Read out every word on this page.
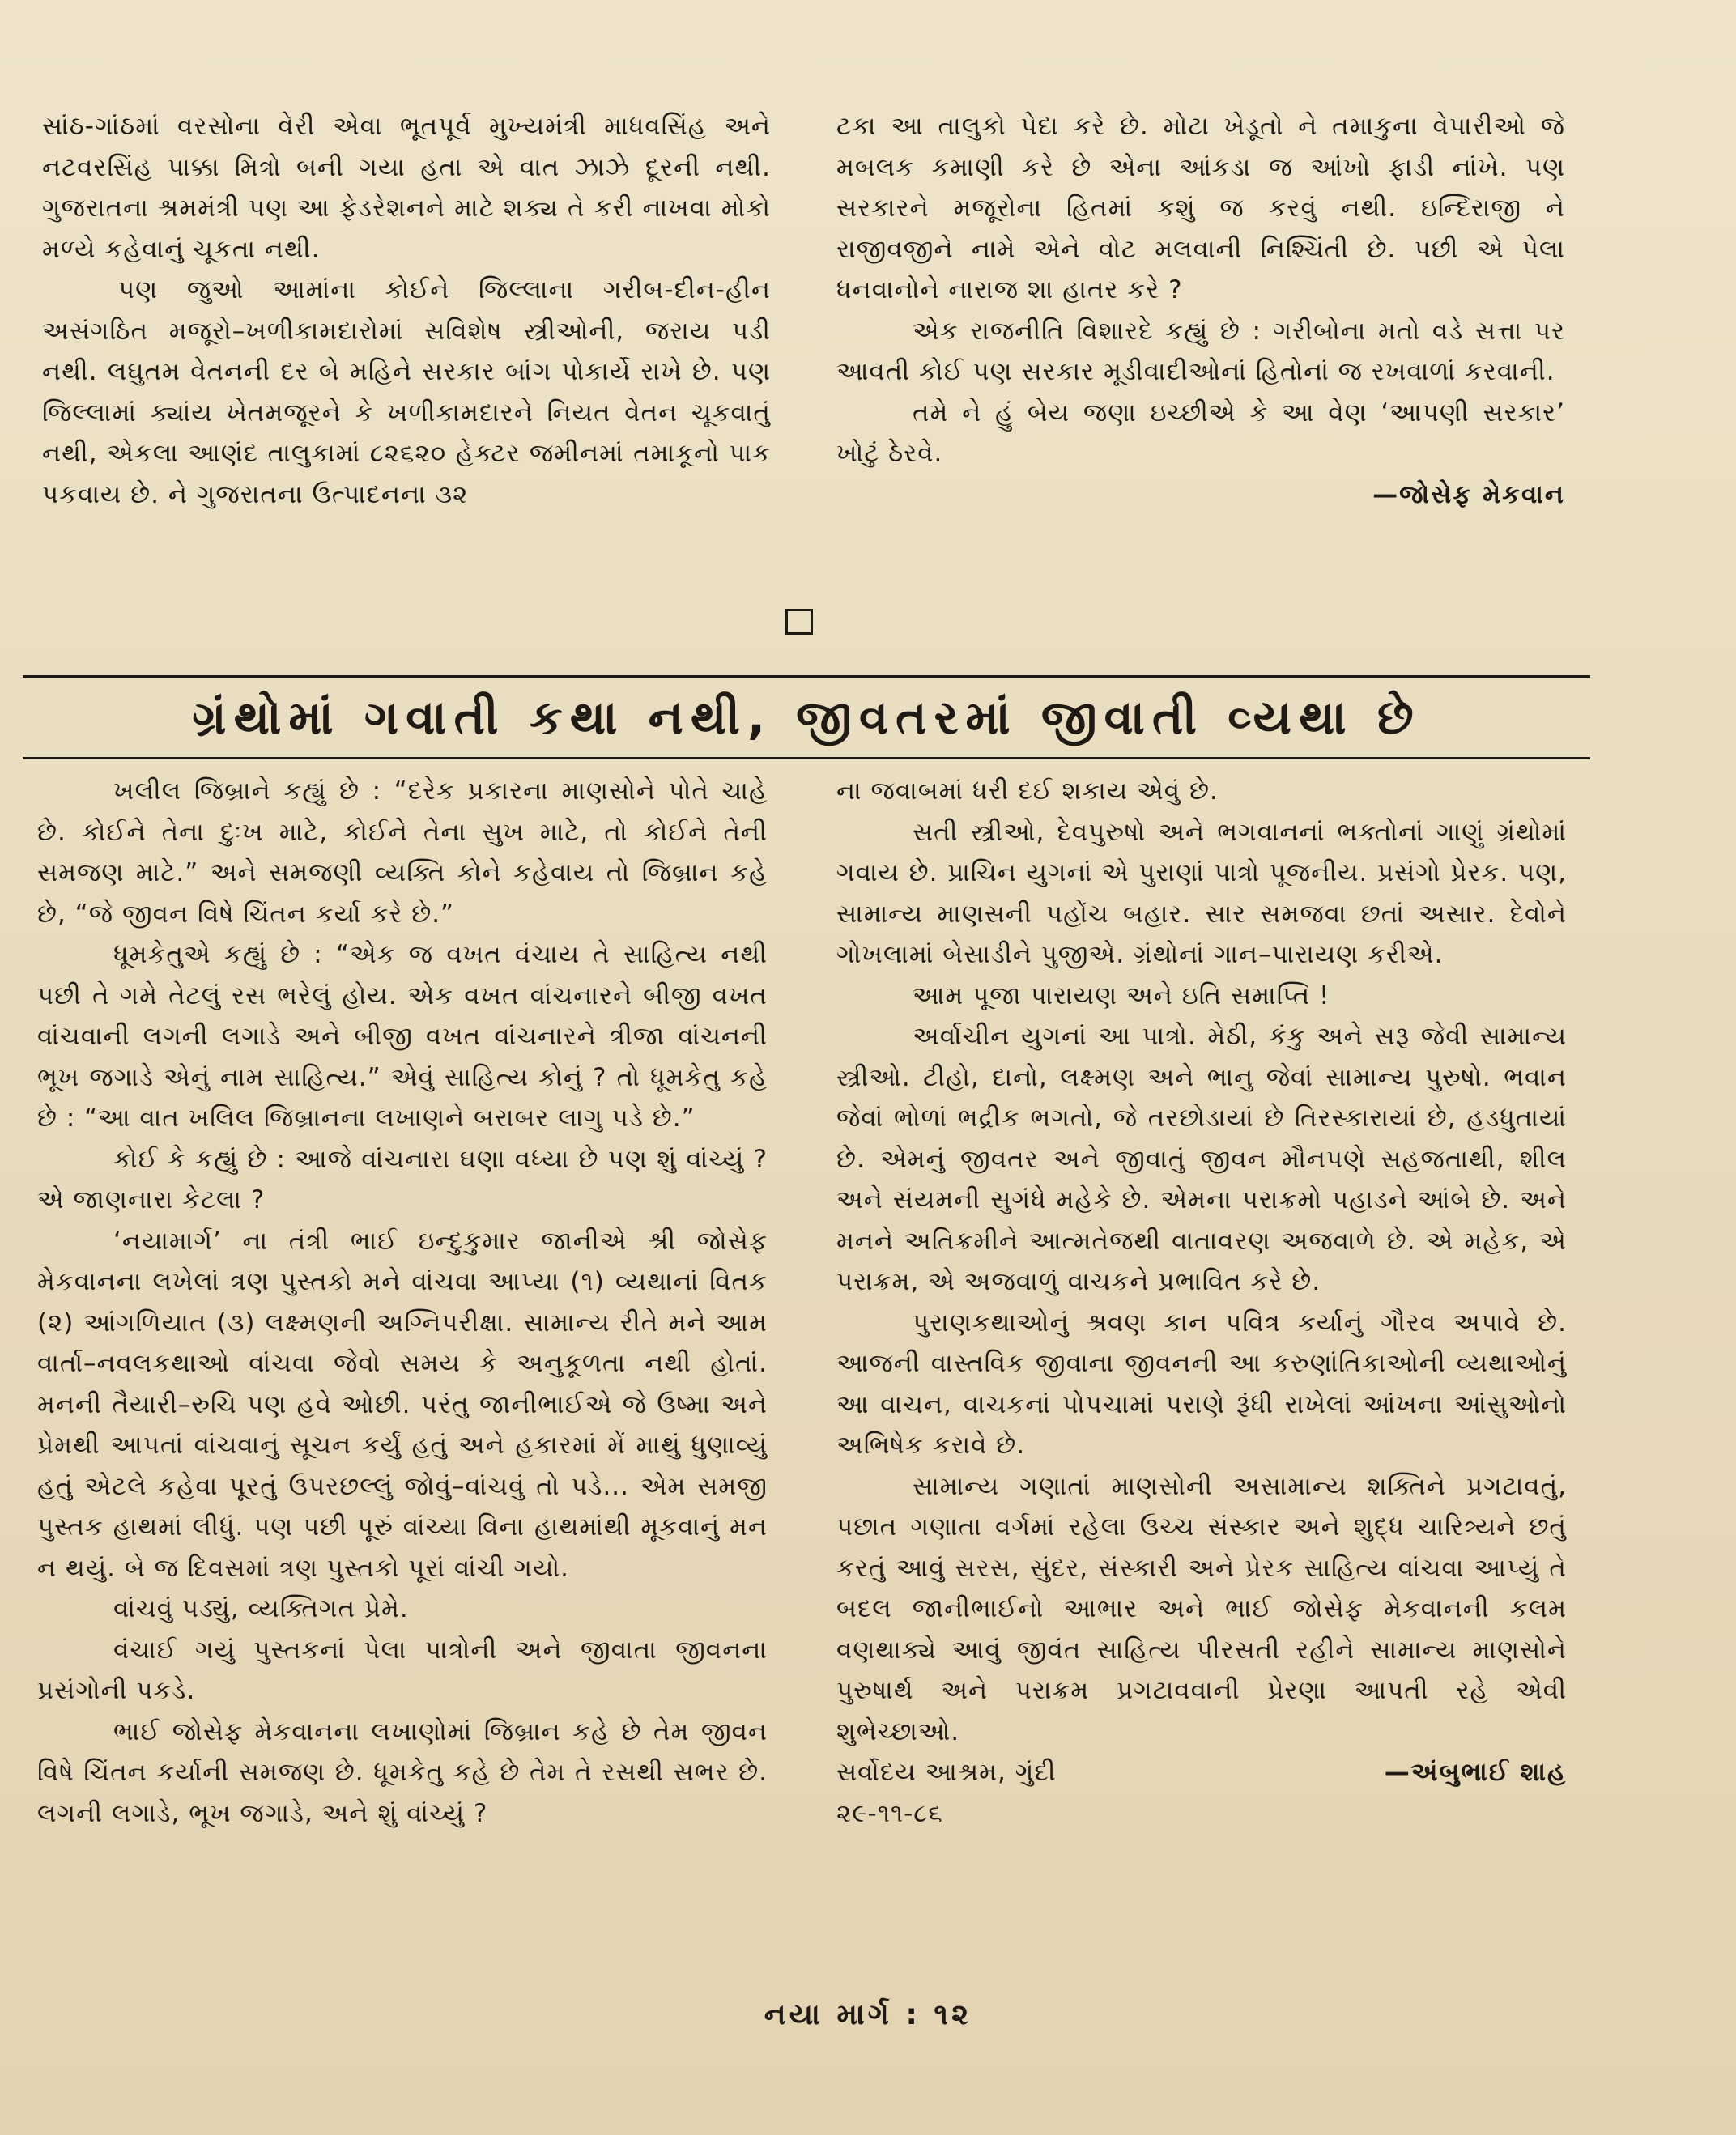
સાંઠ-ગાંઠમાં વરસોના વેરી એવા ભૂતપૂર્વ મુખ્યમંત્રી માધવસિંહ અને નટવરસિંહ પાક્કા મિત્રો બની ગયા હતા એ વાત ઝાઝે દૂરની નથી. ગુજરાતના શ્રમમંત્રી પણ આ ફેડરેશનને માટે શક્ય તે કરી નાખવા મોકો મળ્યે કહેવાનું ચૂકતા નથી.

પણ જુઓ આમાંના કોઈને જિલ્લાના ગરીબ-દીન-હીન અસંગઠિત મજૂરો–ખળીકામદારોમાં સવિશેષ સ્ત્રીઓની, જરાય પડી નથી. લઘુતમ વેતનની દર બે મહિને સરકાર બાંગ પોકાર્યે રાખે છે. પણ જિલ્લામાં ક્યાંય ખેતમજૂરને કે ખળીકામદારને નિયત વેતન ચૂકવાતું નથી, એકલા આણંદ તાલુકામાં ૮૨૬૨૦ હેક્ટર જમીનમાં તમાકૂનો પાક પકવાય છે. ને ગુજરાતના ઉત્પાદનના ૩૨

ટકા આ તાલુકો પેદા કરે છે. મોટા ખેડૂતો ને તમાકુના વેપારીઓ જે મબલક કમાણી કરે છે એના આંકડા જ આંખો ફાડી નાંખે. પણ સરકારને મજૂરોના હિતમાં કશું જ કરવું નથી. ઇન્દિરાજી ને રાજીવજીને નામે એને વોટ મલવાની નિશ્ચિંતી છે. પછી એ પેલા ધનવાનોને નારાજ શા હાતર કરે ?

એક રાજનીતિ વિશારદે કહ્યું છે : ગરીબોના મતો વડે સત્તા પર આવતી કોઈ પણ સરકાર મૂડીવાદીઓનાં હિતોનાં જ રખવાળાં કરવાની.

તમે ને હું બેય જણા ઇચ્છીએ કે આ વેણ ‘આપણી સરકાર’ ખોટું ઠેરવે.

—જોસેફ મેકવાન

ગ્રંથોમાં ગવાતી કથા નથી, જીવતરમાં જીવાતી વ્યથા છે

ખલીલ જિબ્રાને કહ્યું છે : “દરેક પ્રકારના માણસોને પોતે ચાહે છે. કોઈને તેના દુઃખ માટે, કોઈને તેના સુખ માટે, તો કોઈને તેની સમજણ માટે.” અને સમજણી વ્યક્તિ કોને કહેવાય તો જિબ્રાન કહે છે, “જે જીવન વિષે ચિંતન કર્યા કરે છે.”

ધૂમકેતુએ કહ્યું છે : “એક જ વખત વંચાય તે સાહિત્ય નથી પછી તે ગમે તેટલું રસ ભરેલું હોય. એક વખત વાંચનારને બીજી વખત વાંચવાની લગની લગાડે અને બીજી વખત વાંચનારને ત્રીજા વાંચનની ભૂખ જગાડે એનું નામ સાહિત્ય.” એવું સાહિત્ય કોનું ? તો ધૂમકેતુ કહે છે : “આ વાત ખલિલ જિબ્રાનના લખાણને બરાબર લાગુ પડે છે.”

કોઈ કે કહ્યું છે : આજે વાંચનારા ઘણા વધ્યા છે પણ શું વાંચ્યું ? એ જાણનારા કેટલા ?

‘નયામાર્ગ’ ના તંત્રી ભાઈ ઇન્દુકુમાર જાનીએ શ્રી જોસેફ મેકવાનના લખેલાં ત્રણ પુસ્તકો મને વાંચવા આપ્યા (૧) વ્યથાનાં વિતક (૨) આંગળિયાત (૩) લક્ષ્મણની અગ્નિપરીક્ષા. સામાન્ય રીતે મને આમ વાર્તા–નવલકથાઓ વાંચવા જેવો સમય કે અનુકૂળતા નથી હોતાં. મનની તૈયારી–રુચિ પણ હવે ઓછી. પરંતુ જાનીભાઈએ જે ઉષ્મા અને પ્રેમથી આપતાં વાંચવાનું સૂચન કર્યું હતું અને હકારમાં મેં માથું ધુણાવ્યું હતું એટલે કહેવા પૂરતું ઉપરછલ્લું જોવું–વાંચવું તો પડે... એમ સમજી પુસ્તક હાથમાં લીધું. પણ પછી પૂરું વાંચ્યા વિના હાથમાંથી મૂકવાનું મન ન થયું. બે જ દિવસમાં ત્રણ પુસ્તકો પૂરાં વાંચી ગયો.

વાંચવું પડ્યું, વ્યક્તિગત પ્રેમે.

વંચાઈ ગયું પુસ્તકનાં પેલા પાત્રોની અને જીવાતા જીવનના પ્રસંગોની પકડે.

ભાઈ જોસેફ મેકવાનના લખાણોમાં જિબ્રાન કહે છે તેમ જીવન વિષે ચિંતન કર્યાની સમજણ છે. ધૂમકેતુ કહે છે તેમ તે રસથી સભર છે. લગની લગાડે, ભૂખ જગાડે, અને શું વાંચ્યું ?

ના જવાબમાં ધરી દઈ શકાય એવું છે.

સતી સ્ત્રીઓ, દેવપુરુષો અને ભગવાનનાં ભક્તોનાં ગાણું ગ્રંથોમાં ગવાય છે. પ્રાચિન યુગનાં એ પુરાણાં પાત્રો પૂજનીય. પ્રસંગો પ્રેરક. પણ, સામાન્ય માણસની પહોંચ બહાર. સાર સમજવા છતાં અસાર. દેવોને ગોખલામાં બેસાડીને પુજીએ. ગ્રંથોનાં ગાન–પારાયણ કરીએ.

આમ પૂજા પારાયણ અને ઇતિ સમાપ્તિ !

અર્વાચીન યુગનાં આ પાત્રો. મેઠી, કંકુ અને સરૂ જેવી સામાન્ય સ્ત્રીઓ. ટીહો, દાનો, લક્ષ્મણ અને ભાનુ જેવાં સામાન્ય પુરુષો. ભવાન જેવાં ભોળાં ભદ્રીક ભગતો, જે તરછોડાયાં છે તિરસ્કારાયાં છે, હડધુતાયાં છે. એમનું જીવતર અને જીવાતું જીવન મૌનપણે સહજતાથી, શીલ અને સંયમની સુગંધે મહેકે છે. એમના પરાક્રમો પહાડને આંબે છે. અને મનને અતિક્રમીને આત્મતેજથી વાતાવરણ અજવાળે છે. એ મહેક, એ પરાક્રમ, એ અજવાળું વાચકને પ્રભાવિત કરે છે.

પુરાણકથાઓનું શ્રવણ કાન પવિત્ર કર્યાનું ગૌરવ અપાવે છે. આજની વાસ્તવિક જીવાના જીવનની આ કરુણાંતિકાઓની વ્યથાઓનું આ વાચન, વાચકનાં પોપચામાં પરાણે રૂંધી રાખેલાં આંખના આંસુઓનો અભિષેક કરાવે છે.

સામાન્ય ગણાતાં માણસોની અસામાન્ય શક્તિને પ્રગટાવતું, પછાત ગણાતા વર્ગમાં રહેલા ઉચ્ચ સંસ્કાર અને શુદ્ધ ચારિત્ર્યને છતું કરતું આવું સરસ, સુંદર, સંસ્કારી અને પ્રેરક સાહિત્ય વાંચવા આપ્યું તે બદલ જાનીભાઈનો આભાર અને ભાઈ જોસેફ મેકવાનની કલમ વણથાક્યે આવું જીવંત સાહિત્ય પીરસતી રહીને સામાન્ય માણસોને પુરુષાર્થ અને પરાક્રમ પ્રગટાવવાની પ્રેરણા આપતી રહે એવી શુભેચ્છાઓ.

સર્વોદય આશ્રમ, ગુંદી	—અંબુભાઈ શાહ

૨૯-૧૧-૮૬

નયા માર્ગ : ૧૨
